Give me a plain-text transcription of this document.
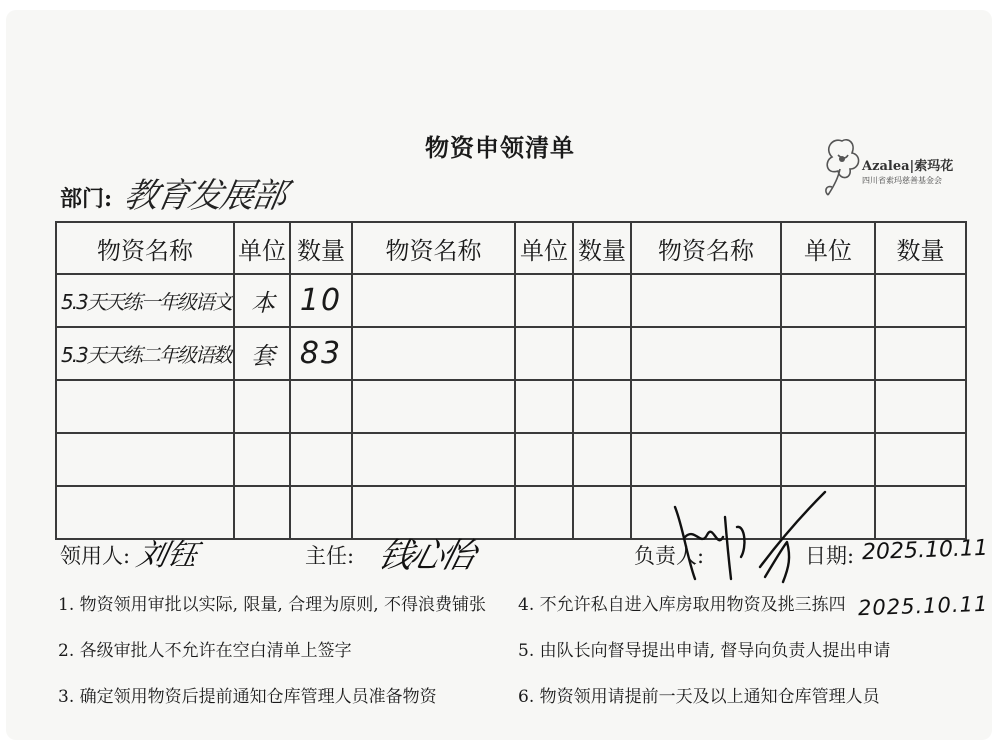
Azalea|索玛花
四川省索玛慈善基金会
物资申领清单
部门: 教育发展部
物资名称	单位	数量	物资名称	单位	数量	物资名称	单位	数量

5.3天天练一年级语文	本	10						

5.3天天练二年级语数	套	83						

领用人: 刘钰	主任: 钱心怡	负责人:	日期: 2025.10.11
2025.10.11
1. 物资领用审批以实际, 限量, 合理为原则, 不得浪费铺张
2. 各级审批人不允许在空白清单上签字
3. 确定领用物资后提前通知仓库管理人员准备物资
4. 不允许私自进入库房取用物资及挑三拣四
5. 由队长向督导提出申请, 督导向负责人提出申请
6. 物资领用请提前一天及以上通知仓库管理人员
